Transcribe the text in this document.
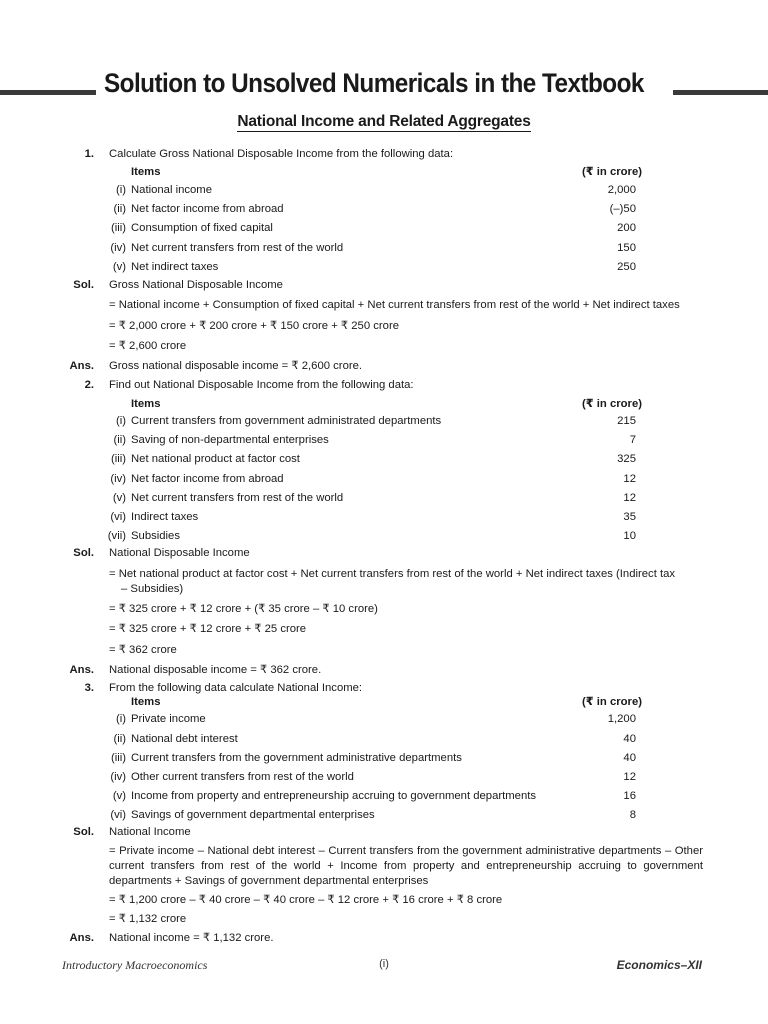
Solution to Unsolved Numericals in the Textbook
National Income and Related Aggregates
1. Calculate Gross National Disposable Income from the following data:
Items	(₹ in crore)
(i) National income	2,000
(ii) Net factor income from abroad	(–)50
(iii) Consumption of fixed capital	200
(iv) Net current transfers from rest of the world	150
(v) Net indirect taxes	250
Sol. Gross National Disposable Income
= National income + Consumption of fixed capital + Net current transfers from rest of the world + Net indirect taxes
= ₹ 2,000 crore + ₹ 200 crore + ₹ 150 crore + ₹ 250 crore
= ₹ 2,600 crore
Ans. Gross national disposable income = ₹ 2,600 crore.
2. Find out National Disposable Income from the following data:
Items	(₹ in crore)
(i) Current transfers from government administrated departments	215
(ii) Saving of non-departmental enterprises	7
(iii) Net national product at factor cost	325
(iv) Net factor income from abroad	12
(v) Net current transfers from rest of the world	12
(vi) Indirect taxes	35
(vii) Subsidies	10
Sol. National Disposable Income
= Net national product at factor cost + Net current transfers from rest of the world + Net indirect taxes (Indirect tax
– Subsidies)
= ₹ 325 crore + ₹ 12 crore + (₹ 35 crore – ₹ 10 crore)
= ₹ 325 crore + ₹ 12 crore + ₹ 25 crore
= ₹ 362 crore
Ans. National disposable income = ₹ 362 crore.
3. From the following data calculate National Income:
Items	(₹ in crore)
(i) Private income	1,200
(ii) National debt interest	40
(iii) Current transfers from the government administrative departments	40
(iv) Other current transfers from rest of the world	12
(v) Income from property and entrepreneurship accruing to government departments	16
(vi) Savings of government departmental enterprises	8
Sol. National Income
= Private income – National debt interest – Current transfers from the government administrative departments – Other current transfers from rest of the world + Income from property and entrepreneurship accruing to government departments + Savings of government departmental enterprises
= ₹ 1,200 crore – ₹ 40 crore – ₹ 40 crore – ₹ 12 crore + ₹ 16 crore + ₹ 8 crore
= ₹ 1,132 crore
Ans. National income = ₹ 1,132 crore.
Introductory Macroeconomics	(i)	Economics–XII
